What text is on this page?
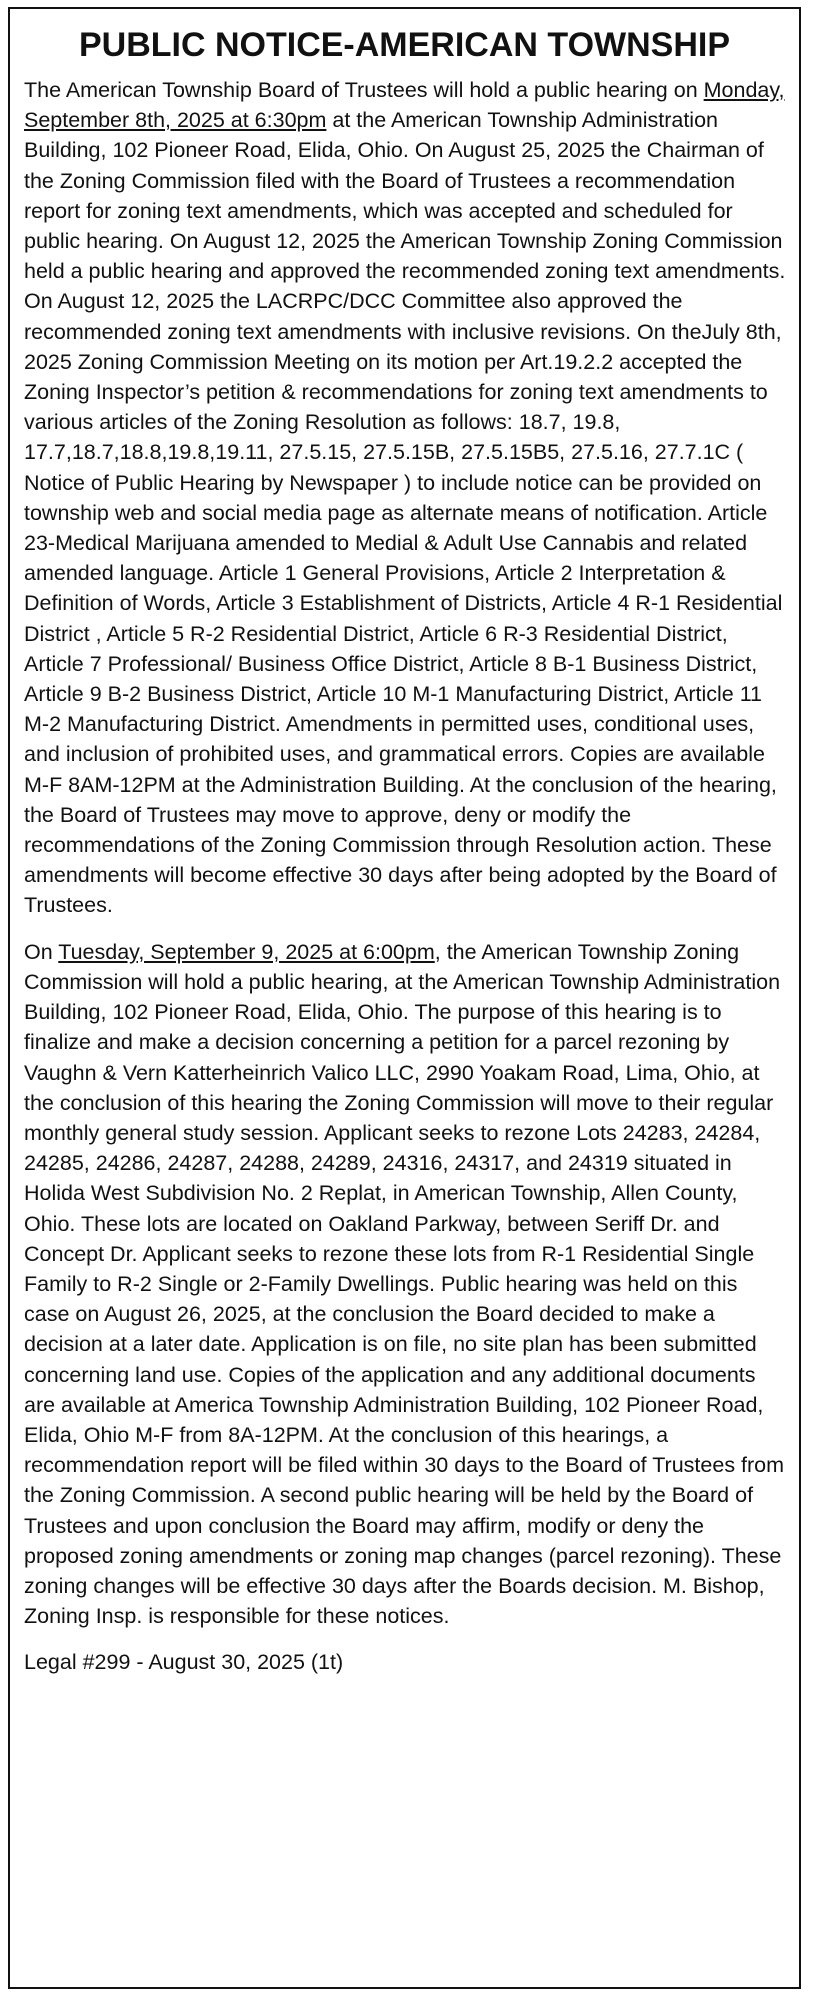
PUBLIC NOTICE-AMERICAN TOWNSHIP

The American Township Board of Trustees will hold a public hearing on Monday, September 8th, 2025 at 6:30pm at the American Township Administration Building, 102 Pioneer Road, Elida, Ohio. On August 25, 2025 the Chairman of the Zoning Commission filed with the Board of Trustees a recommendation report for zoning text amendments, which was accepted and scheduled for public hearing. On August 12, 2025 the American Township Zoning Commission held a public hearing and approved the recommended zoning text amendments. On August 12, 2025 the LACRPC/DCC Committee also approved the recommended zoning text amendments with inclusive revisions. On theJuly 8th, 2025 Zoning Commission Meeting on its motion per Art.19.2.2 accepted the Zoning Inspector’s petition & recommendations for zoning text amendments to various articles of the Zoning Resolution as follows: 18.7, 19.8, 17.7,18.7,18.8,19.8,19.11, 27.5.15, 27.5.15B, 27.5.15B5, 27.5.16, 27.7.1C ( Notice of Public Hearing by Newspaper ) to include notice can be provided on township web and social media page as alternate means of notification. Article 23-Medical Marijuana amended to Medial & Adult Use Cannabis and related amended language. Article 1 General Provisions, Article 2 Interpretation & Definition of Words, Article 3 Establishment of Districts, Article 4 R-1 Residential District , Article 5 R-2 Residential District, Article 6 R-3 Residential District, Article 7 Professional/ Business Office District, Article 8 B-1 Business District, Article 9 B-2 Business District, Article 10 M-1 Manufacturing District, Article 11 M-2 Manufacturing District. Amendments in permitted uses, conditional uses, and inclusion of prohibited uses, and grammatical errors. Copies are available M-F 8AM-12PM at the Administration Building. At the conclusion of the hearing, the Board of Trustees may move to approve, deny or modify the recommendations of the Zoning Commission through Resolution action. These amendments will become effective 30 days after being adopted by the Board of Trustees.

On Tuesday, September 9, 2025 at 6:00pm, the American Township Zoning Commission will hold a public hearing, at the American Township Administration Building, 102 Pioneer Road, Elida, Ohio. The purpose of this hearing is to finalize and make a decision concerning a petition for a parcel rezoning by Vaughn & Vern Katterheinrich Valico LLC, 2990 Yoakam Road, Lima, Ohio, at the conclusion of this hearing the Zoning Commission will move to their regular monthly general study session. Applicant seeks to rezone Lots 24283, 24284, 24285, 24286, 24287, 24288, 24289, 24316, 24317, and 24319 situated in Holida West Subdivision No. 2 Replat, in American Township, Allen County, Ohio. These lots are located on Oakland Parkway, between Seriff Dr. and Concept Dr. Applicant seeks to rezone these lots from R-1 Residential Single Family to R-2 Single or 2-Family Dwellings. Public hearing was held on this case on August 26, 2025, at the conclusion the Board decided to make a decision at a later date. Application is on file, no site plan has been submitted concerning land use. Copies of the application and any additional documents are available at America Township Administration Building, 102 Pioneer Road, Elida, Ohio M-F from 8A-12PM. At the conclusion of this hearings, a recommendation report will be filed within 30 days to the Board of Trustees from the Zoning Commission. A second public hearing will be held by the Board of Trustees and upon conclusion the Board may affirm, modify or deny the proposed zoning amendments or zoning map changes (parcel rezoning). These zoning changes will be effective 30 days after the Boards decision. M. Bishop, Zoning Insp. is responsible for these notices.

Legal #299 - August 30, 2025 (1t)
